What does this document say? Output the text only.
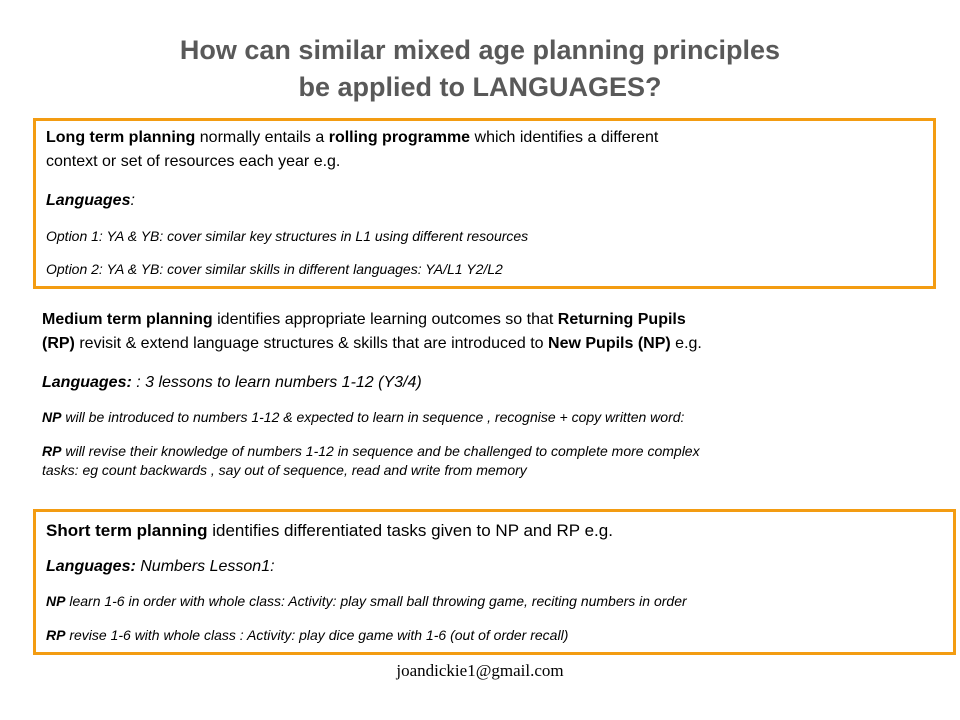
How can similar mixed age planning principles
be applied to LANGUAGES?
Long term planning normally entails a rolling programme which identifies a different
context or set of resources each year e.g.
Languages:
Option 1: YA & YB: cover similar key structures in L1 using different resources
Option 2: YA & YB: cover similar skills in different languages: YA/L1 Y2/L2
Medium term planning identifies appropriate learning outcomes so that Returning Pupils
(RP) revisit & extend language structures & skills that are introduced to New Pupils (NP) e.g.
Languages: : 3 lessons to learn numbers 1-12 (Y3/4)
NP will be introduced to numbers 1-12 & expected to learn in sequence , recognise + copy written word:
RP will revise their knowledge of numbers 1-12 in sequence and be challenged to complete more complex
tasks: eg count backwards , say out of sequence, read and write from memory
Short term planning identifies differentiated tasks given to NP and RP e.g.
Languages: Numbers Lesson1:
NP learn 1-6 in order with whole class: Activity: play small ball throwing game, reciting numbers in order
RP revise 1-6 with whole class : Activity: play dice game with 1-6 (out of order recall)
joandickie1@gmail.com
